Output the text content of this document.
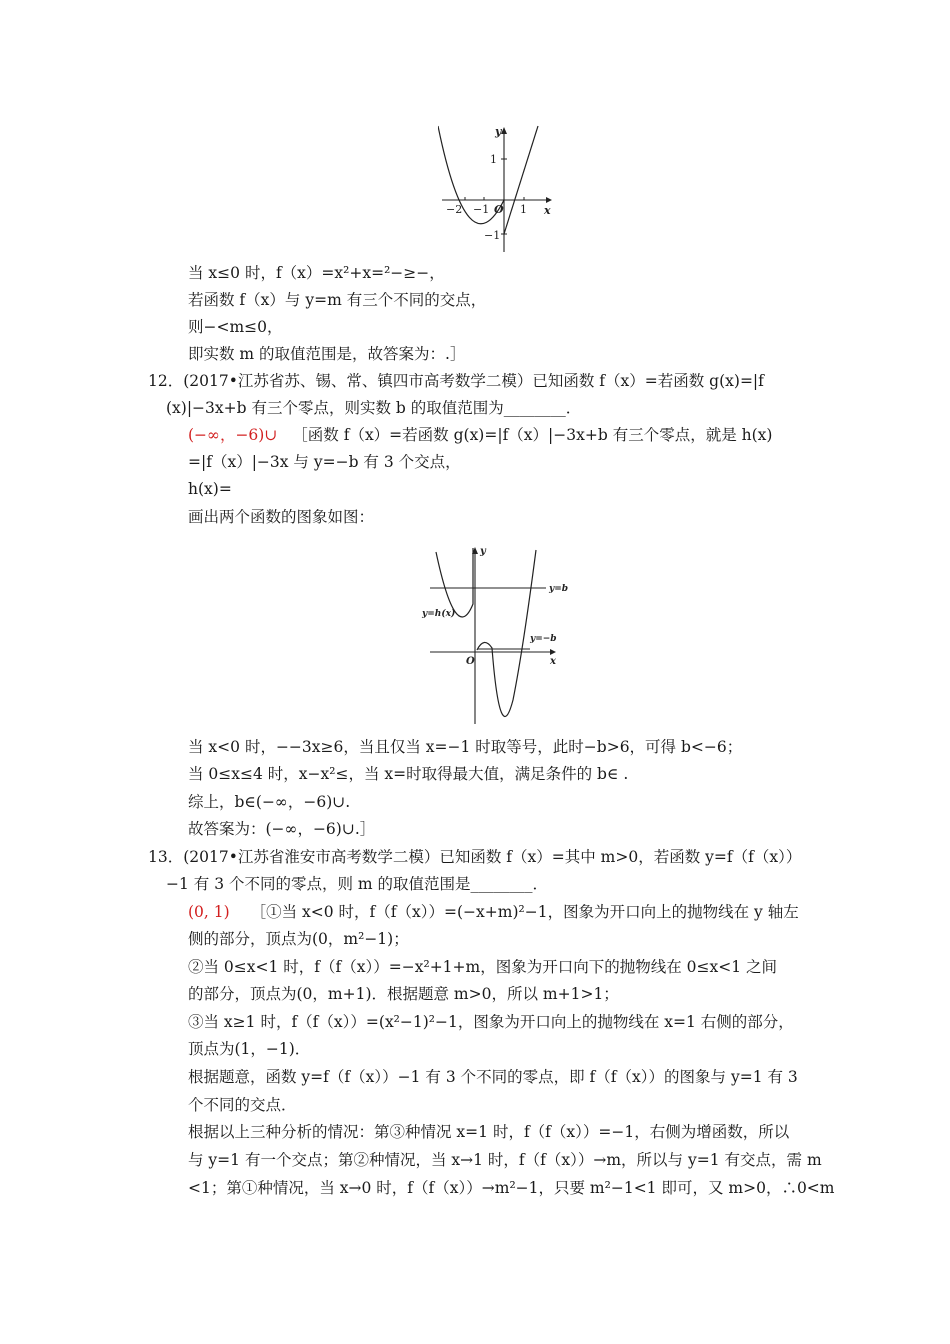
y
1
−2 −1 O 1 x
−1
当 x≤0 时，f（x）=x²+x=²−≥−，
若函数 f（x）与 y=m 有三个不同的交点，
则−<m≤0，
即实数 m 的取值范围是，故答案为：.］
12．(2017•江苏省苏、锡、常、镇四市高考数学二模）已知函数 f（x）=若函数 g(x)=|f
(x)|−3x+b 有三个零点，则实数 b 的取值范围为________．
(−∞，−6)∪ ［函数 f（x）=若函数 g(x)=|f（x）|−3x+b 有三个零点，就是 h(x)
=|f（x）|−3x 与 y=−b 有 3 个交点，
h(x)=
画出两个函数的图象如图：
y
y=b
y=h(x)
y=−b
O	x
当 x<0 时，−−3x≥6，当且仅当 x=−1 时取等号，此时−b>6，可得 b<−6；
当 0≤x≤4 时，x−x²≤，当 x=时取得最大值，满足条件的 b∈ .
综上，b∈(−∞，−6)∪.
故答案为：(−∞，−6)∪.］
13．(2017•江苏省淮安市高考数学二模）已知函数 f（x）=其中 m>0，若函数 y=f（f（x））
−1 有 3 个不同的零点，则 m 的取值范围是________．
(0, 1) ［①当 x<0 时，f（f（x））=(−x+m)²−1，图象为开口向上的抛物线在 y 轴左
侧的部分，顶点为(0，m²−1)；
②当 0≤x<1 时，f（f（x））=−x²+1+m，图象为开口向下的抛物线在 0≤x<1 之间
的部分，顶点为(0，m+1)．根据题意 m>0，所以 m+1>1；
③当 x≥1 时，f（f（x））=(x²−1)²−1，图象为开口向上的抛物线在 x=1 右侧的部分，
顶点为(1，−1)．
根据题意，函数 y=f（f（x））−1 有 3 个不同的零点，即 f（f（x））的图象与 y=1 有 3
个不同的交点．
根据以上三种分析的情况：第③种情况 x=1 时，f（f（x））=−1，右侧为增函数，所以
与 y=1 有一个交点；第②种情况，当 x→1 时，f（f（x））→m，所以与 y=1 有交点，需 m
<1；第①种情况，当 x→0 时，f（f（x））→m²−1，只要 m²−1<1 即可，又 m>0，∴0<m
